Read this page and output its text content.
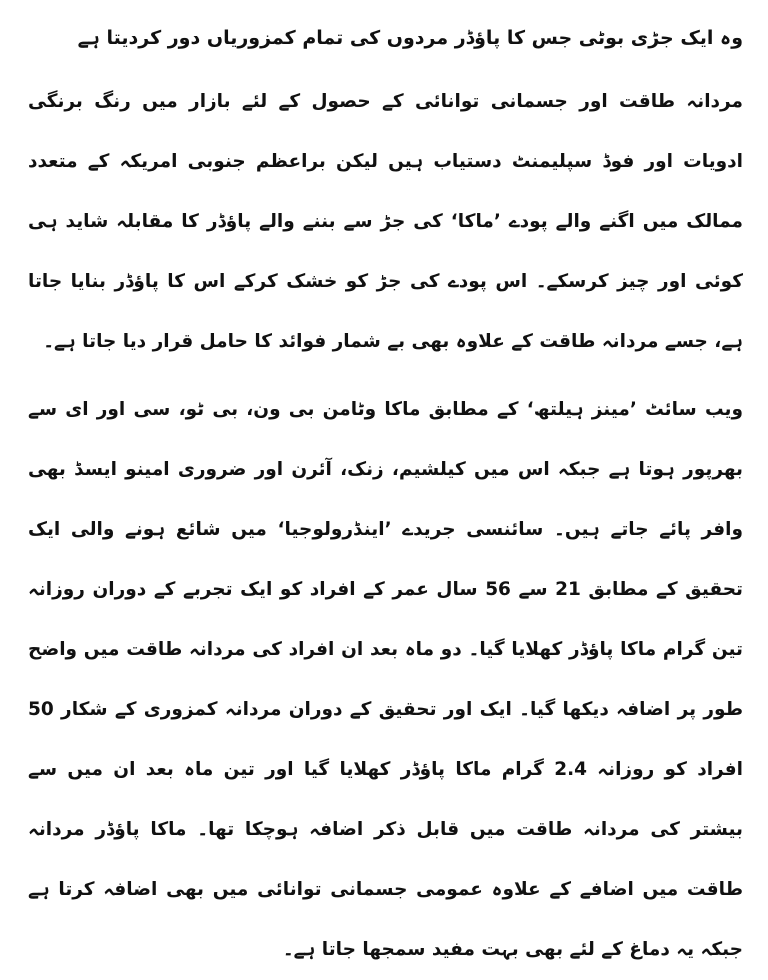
وہ ایک جڑی بوٹی جس کا پاؤڈر مردوں کی تمام کمزوریاں دور کردیتا ہے

مردانہ طاقت اور جسمانی توانائی کے حصول کے لئے بازار میں رنگ برنگی ادویات اور فوڈ سپلیمنٹ دستیاب ہیں لیکن براعظم جنوبی امریکہ کے متعدد ممالک میں اگنے والے پودے ’ماکا‘ کی جڑ سے بننے والے پاؤڈر کا مقابلہ شاید ہی کوئی اور چیز کرسکے۔ اس پودے کی جڑ کو خشک کرکے اس کا پاؤڈر بنایا جاتا ہے، جسے مردانہ طاقت کے علاوہ بھی بے شمار فوائد کا حامل قرار دیا جاتا ہے۔

ویب سائٹ ’مینز ہیلتھ‘ کے مطابق ماکا وٹامن بی ون، بی ٹو، سی اور ای سے بھرپور ہوتا ہے جبکہ اس میں کیلشیم، زنک، آئرن اور ضروری امینو ایسڈ بھی وافر پائے جاتے ہیں۔ سائنسی جریدے ’اینڈرولوجیا‘ میں شائع ہونے والی ایک تحقیق کے مطابق 21 سے 56 سال عمر کے افراد کو ایک تجربے کے دوران روزانہ تین گرام ماکا پاؤڈر کھلایا گیا۔ دو ماہ بعد ان افراد کی مردانہ طاقت میں واضح طور پر اضافہ دیکھا گیا۔ ایک اور تحقیق کے دوران مردانہ کمزوری کے شکار 50 افراد کو روزانہ 2.4 گرام ماکا پاؤڈر کھلایا گیا اور تین ماہ بعد ان میں سے بیشتر کی مردانہ طاقت میں قابل ذکر اضافہ ہوچکا تھا۔ ماکا پاؤڈر مردانہ طاقت میں اضافے کے علاوہ عمومی جسمانی توانائی میں بھی اضافہ کرتا ہے جبکہ یہ دماغ کے لئے بھی بہت مفید سمجھا جاتا ہے۔
